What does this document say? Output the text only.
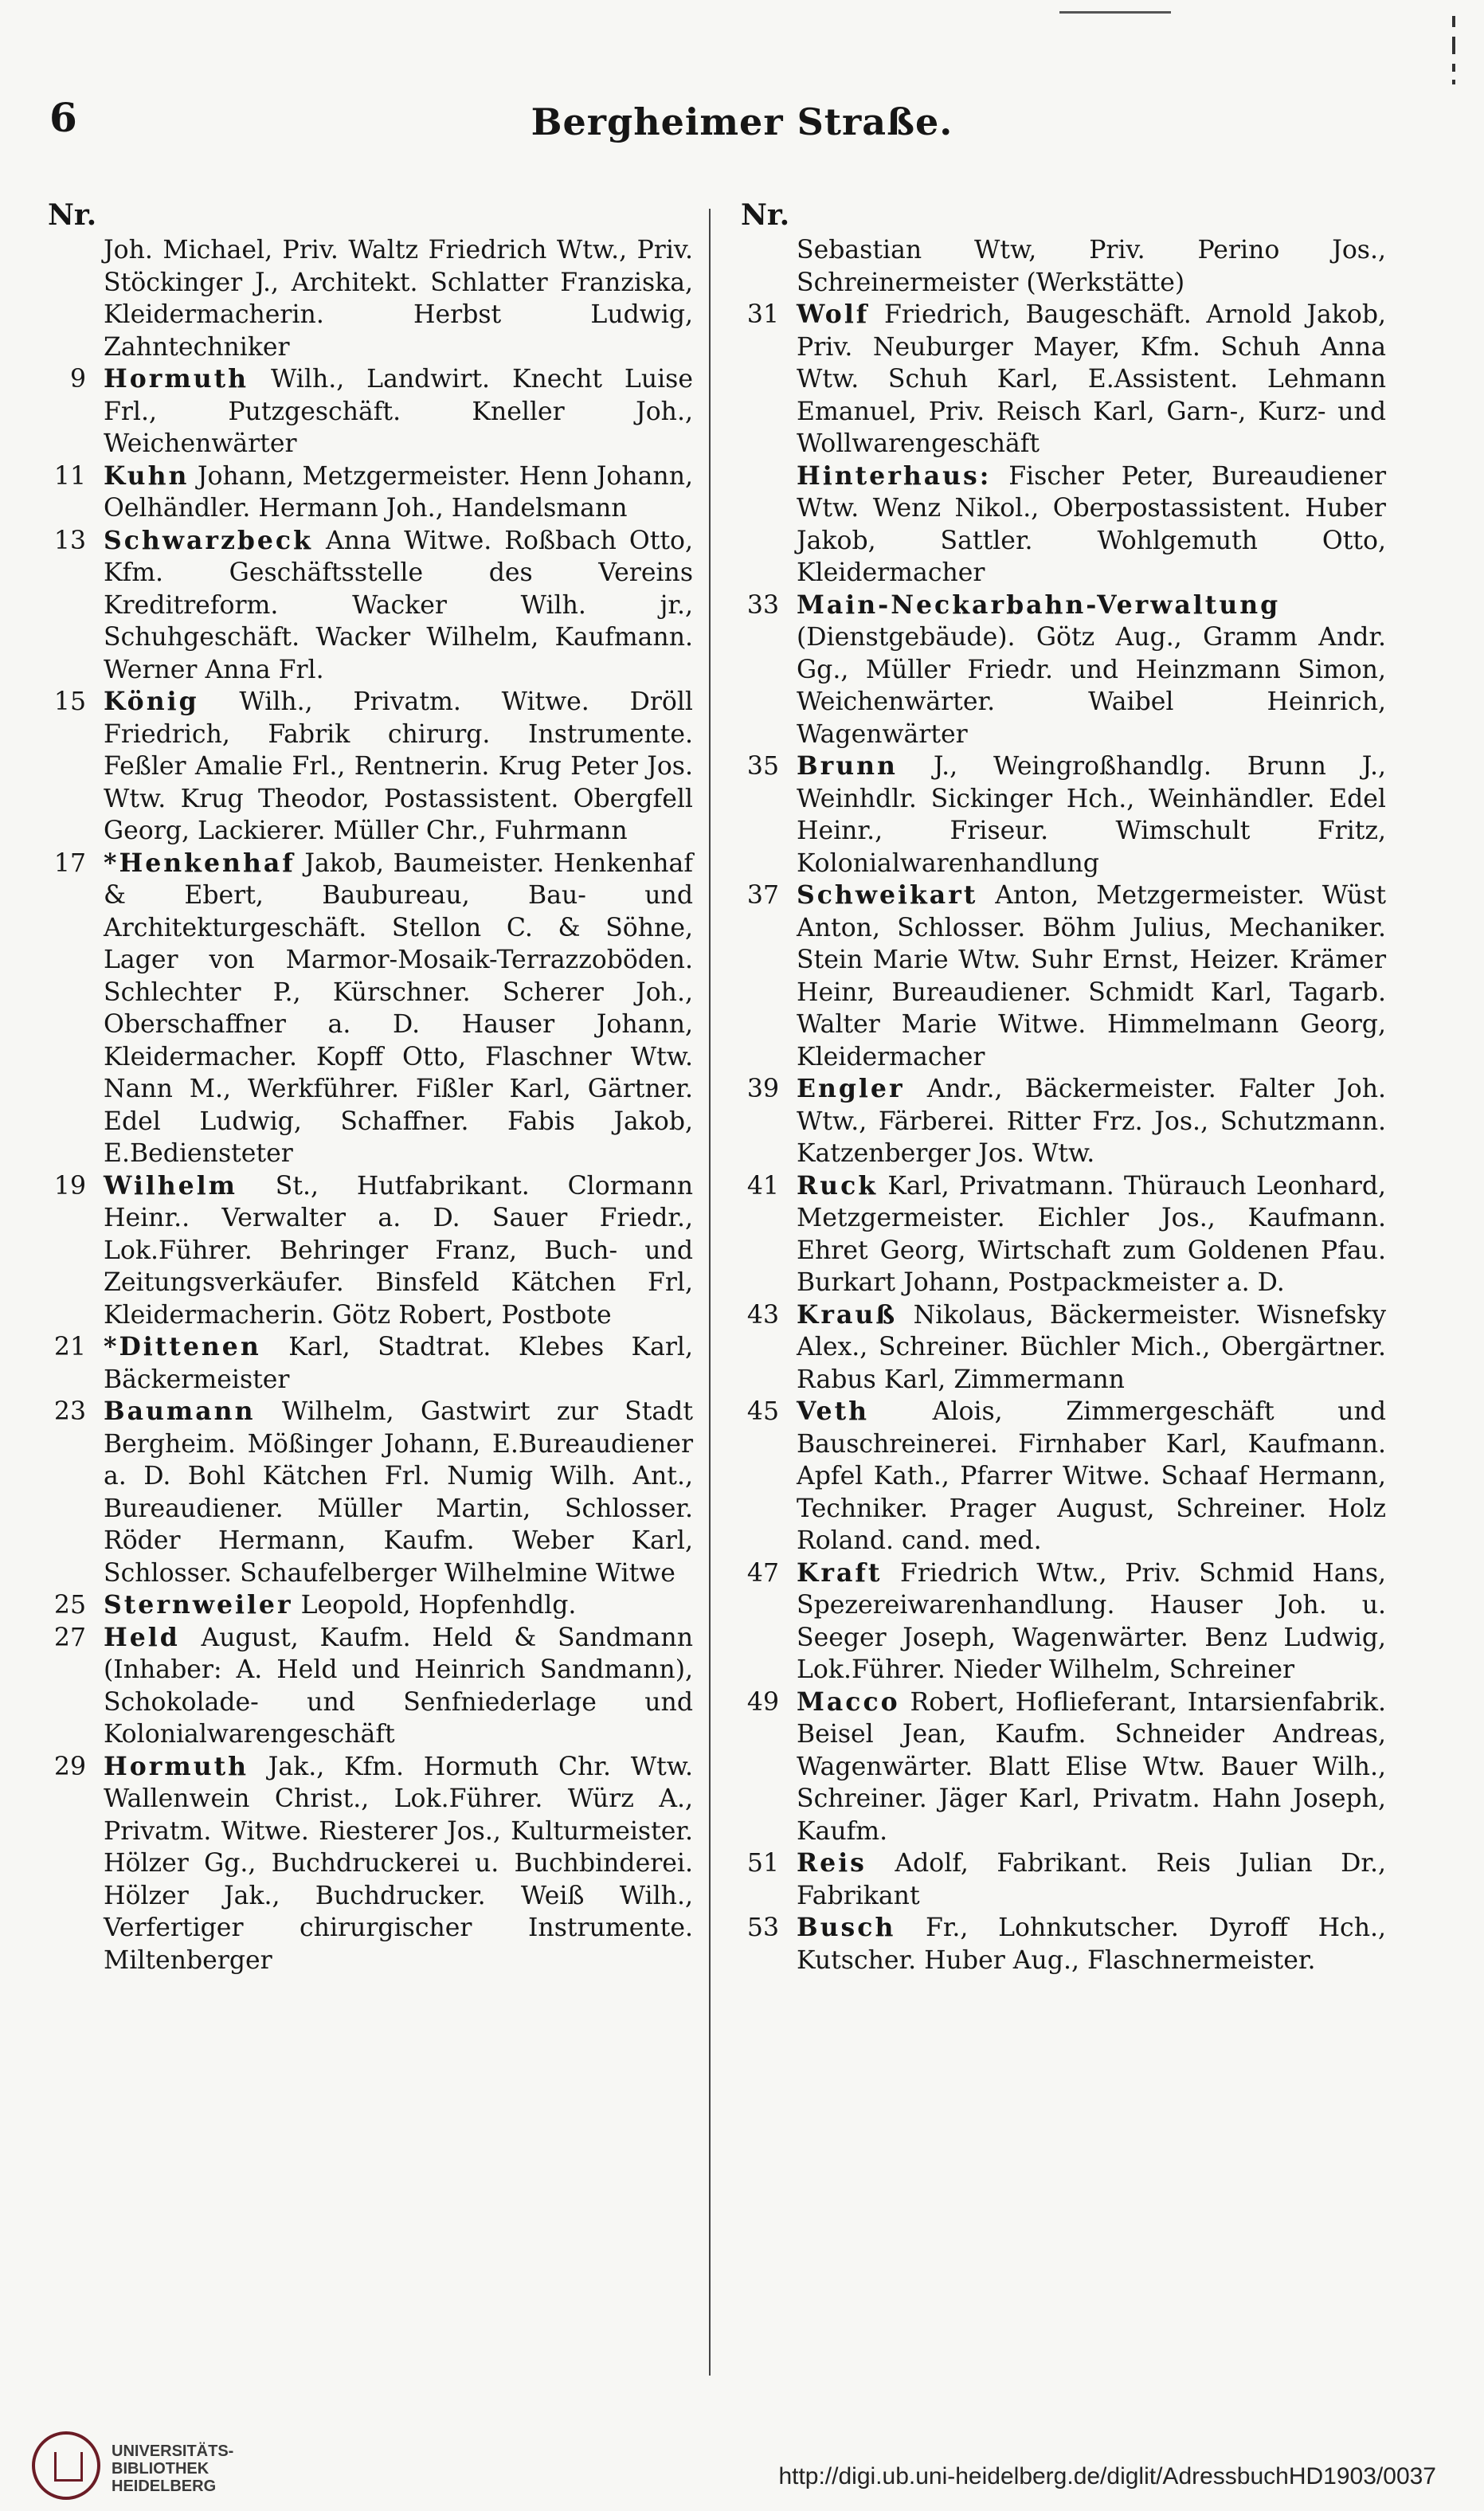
6	Bergheimer Straße.
Nr.
Joh. Michael, Priv. Waltz Friedrich Wtw., Priv. Stöckinger J., Architekt. Schlatter Franziska, Kleidermacherin. Herbst Ludwig, Zahntechniker
9 Hormuth Wilh., Landwirt. Knecht Luise Frl., Putzgeschäft. Kneller Joh., Weichenwärter
11 Kuhn Johann, Metzgermeister. Henn Johann, Oelhändler. Hermann Joh., Handelsmann
13 Schwarzbeck Anna Witwe. Roßbach Otto, Kfm. Geschäftsstelle des Vereins Kreditreform. Wacker Wilh. jr., Schuhgeschäft. Wacker Wilhelm, Kaufmann. Werner Anna Frl.
15 König Wilh., Privatm. Witwe. Dröll Friedrich, Fabrik chirurg. Instrumente. Feßler Amalie Frl., Rentnerin. Krug Peter Jos. Wtw. Krug Theodor, Postassistent. Obergfell Georg, Lackierer. Müller Chr., Fuhrmann
17 *Henkenhaf Jakob, Baumeister. Henkenhaf & Ebert, Baubureau, Bau- und Architekturgeschäft. Stellon C. & Söhne, Lager von Marmor-Mosaik-Terrazzoböden. Schlechter P., Kürschner. Scherer Joh., Oberschaffner a. D. Hauser Johann, Kleidermacher. Kopff Otto, Flaschner Wtw. Nann M., Werkführer. Fißler Karl, Gärtner. Edel Ludwig, Schaffner. Fabis Jakob, E.Bediensteter
19 Wilhelm St., Hutfabrikant. Clormann Heinr.. Verwalter a. D. Sauer Friedr., Lok.Führer. Behringer Franz, Buch- und Zeitungsverkäufer. Binsfeld Kätchen Frl, Kleidermacherin. Götz Robert, Postbote
21 *Dittenen Karl, Stadtrat. Klebes Karl, Bäckermeister
23 Baumann Wilhelm, Gastwirt zur Stadt Bergheim. Mößinger Johann, E.Bureaudiener a. D. Bohl Kätchen Frl. Numig Wilh. Ant., Bureaudiener. Müller Martin, Schlosser. Röder Hermann, Kaufm. Weber Karl, Schlosser. Schaufelberger Wilhelmine Witwe
25 Sternweiler Leopold, Hopfenhdlg.
27 Held August, Kaufm. Held & Sandmann (Inhaber: A. Held und Heinrich Sandmann), Schokolade- und Senfniederlage und Kolonialwarengeschäft
29 Hormuth Jak., Kfm. Hormuth Chr. Wtw. Wallenwein Christ., Lok.Führer. Würz A., Privatm. Witwe. Riesterer Jos., Kulturmeister. Hölzer Gg., Buchdruckerei u. Buchbinderei. Hölzer Jak., Buchdrucker. Weiß Wilh., Verfertiger chirurgischer Instrumente. Miltenberger
Nr.
Sebastian Wtw, Priv. Perino Jos., Schreinermeister (Werkstätte)
31 Wolf Friedrich, Baugeschäft. Arnold Jakob, Priv. Neuburger Mayer, Kfm. Schuh Anna Wtw. Schuh Karl, E.Assistent. Lehmann Emanuel, Priv. Reisch Karl, Garn-, Kurz- und Wollwarengeschäft
Hinterhaus: Fischer Peter, Bureaudiener Wtw. Wenz Nikol., Oberpostassistent. Huber Jakob, Sattler. Wohlgemuth Otto, Kleidermacher
33 Main-Neckarbahn-Verwaltung (Dienstgebäude). Götz Aug., Gramm Andr. Gg., Müller Friedr. und Heinzmann Simon, Weichenwärter. Waibel Heinrich, Wagenwärter
35 Brunn J., Weingroßhandlg. Brunn J., Weinhdlr. Sickinger Hch., Weinhändler. Edel Heinr., Friseur. Wimschult Fritz, Kolonialwarenhandlung
37 Schweikart Anton, Metzgermeister. Wüst Anton, Schlosser. Böhm Julius, Mechaniker. Stein Marie Wtw. Suhr Ernst, Heizer. Krämer Heinr, Bureaudiener. Schmidt Karl, Tagarb. Walter Marie Witwe. Himmelmann Georg, Kleidermacher
39 Engler Andr., Bäckermeister. Falter Joh. Wtw., Färberei. Ritter Frz. Jos., Schutzmann. Katzenberger Jos. Wtw.
41 Ruck Karl, Privatmann. Thürauch Leonhard, Metzgermeister. Eichler Jos., Kaufmann. Ehret Georg, Wirtschaft zum Goldenen Pfau. Burkart Johann, Postpackmeister a. D.
43 Krauß Nikolaus, Bäckermeister. Wisnefsky Alex., Schreiner. Büchler Mich., Obergärtner. Rabus Karl, Zimmermann
45 Veth	Alois, Zimmergeschäft und Bauschreinerei. Firnhaber Karl, Kaufmann. Apfel Kath., Pfarrer Witwe. Schaaf Hermann, Techniker. Prager August, Schreiner. Holz Roland. cand. med.
47 Kraft Friedrich Wtw., Priv. Schmid Hans, Spezereiwarenhandlung. Hauser Joh. u. Seeger Joseph, Wagenwärter. Benz Ludwig, Lok.Führer. Nieder Wilhelm, Schreiner
49 Macco Robert, Hoflieferant, Intarsienfabrik. Beisel Jean, Kaufm. Schneider Andreas, Wagenwärter. Blatt Elise Wtw. Bauer Wilh., Schreiner. Jäger Karl, Privatm. Hahn Joseph, Kaufm.
51 Reis Adolf, Fabrikant. Reis Julian Dr., Fabrikant
53 Busch Fr., Lohnkutscher. Dyroff Hch., Kutscher. Huber Aug., Flaschnermeister.
UNIVERSITÄTS-
BIBLIOTHEK
HEIDELBERG	http://digi.ub.uni-heidelberg.de/diglit/AdressbuchHD1903/0037
